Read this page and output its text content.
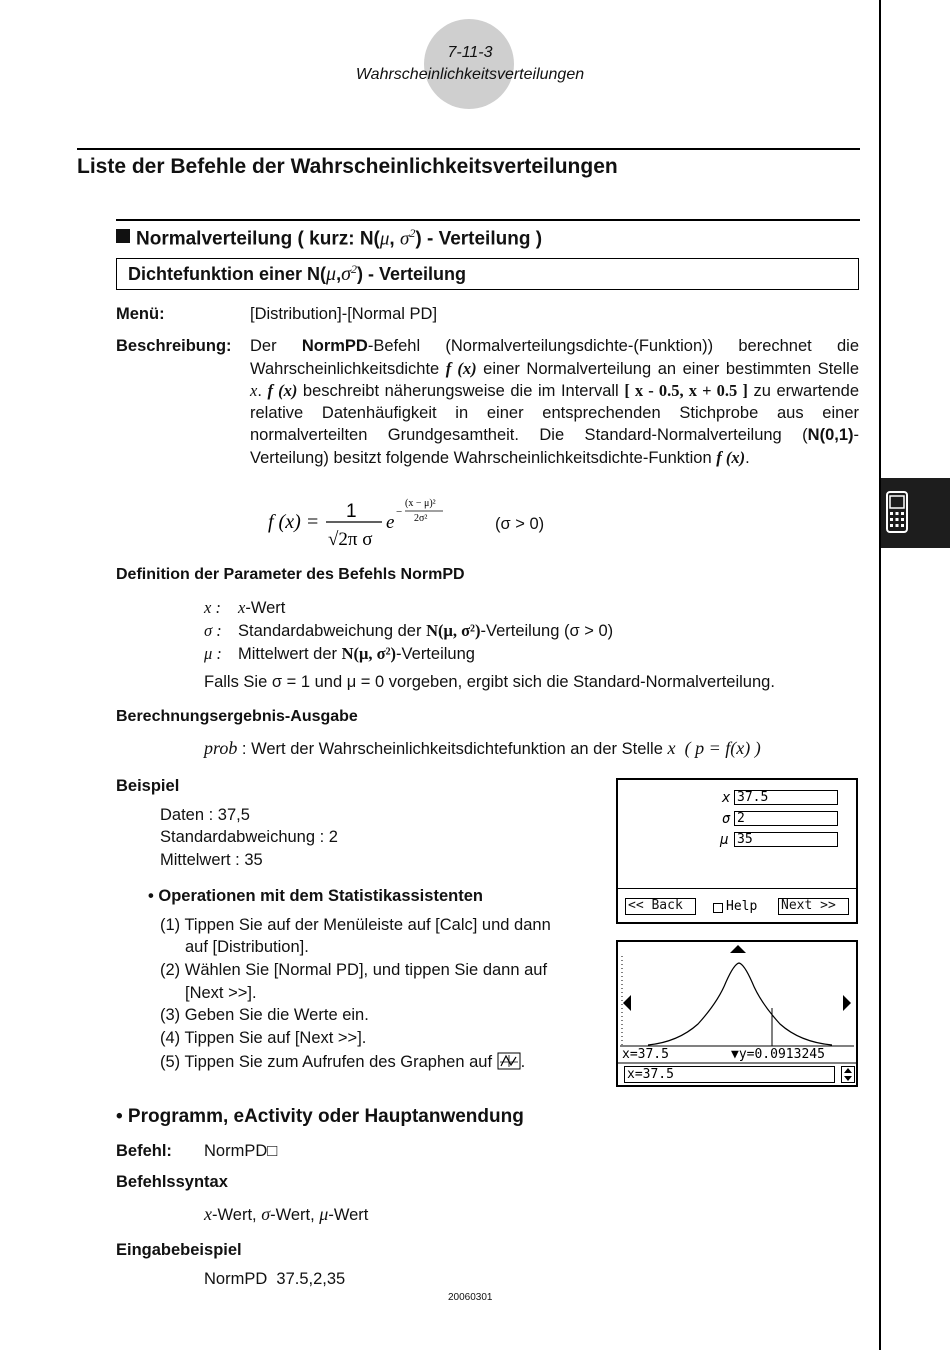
7-11-3
Wahrscheinlichkeitsverteilungen
Liste der Befehle der Wahrscheinlichkeitsverteilungen
Normalverteilung ( kurz: N(μ, $\sigma^2$) - Verteilung )
Dichtefunktion einer $N(\mu,\sigma^2)$ - Verteilung
Menü:	[Distribution]-[Normal PD]
Beschreibung: Der NormPD-Befehl (Normalverteilungsdichte-(Funktion)) berechnet die Wahrscheinlichkeitsdichte f (x) einer Normalverteilung an einer bestimmten Stelle x. f (x) beschreibt näherungsweise die im Intervall [ x - 0.5, x + 0.5 ] zu erwartende relative Datenhäufigkeit in einer entsprechenden Stichprobe aus einer normalverteilten Grundgesamtheit. Die Standard-Normalverteilung (N(0,1)-Verteilung) besitzt folgende Wahrscheinlichkeitsdichte-Funktion f (x).
f (x) = 1
√2π σ
e −
(x − μ)²
2σ²	(σ > 0)
Definition der Parameter des Befehls NormPD
x : x-Wert
σ : Standardabweichung der N(μ, σ²)-Verteilung (σ > 0)
μ : Mittelwert der N(μ, σ²)-Verteilung
Falls Sie σ = 1 und μ = 0 vorgeben, ergibt sich die Standard-Normalverteilung.
Berechnungsergebnis-Ausgabe
prob : Wert der Wahrscheinlichkeitsdichtefunktion an der Stelle x ( p = f(x) )
Beispiel
Daten : 37,5
Standardabweichung : 2
Mittelwert : 35
• Operationen mit dem Statistikassistenten
(1) Tippen Sie auf der Menüleiste auf [Calc] und dann
auf [Distribution].
(2) Wählen Sie [Normal PD], und tippen Sie dann auf
[Next >>].
(3) Geben Sie die Werte ein.
(4) Tippen Sie auf [Next >>].
(5) Tippen Sie zum Aufrufen des Graphen auf .
x 37.5
σ 2
μ 35
<< Back	Help Next >>
x=37.5	▼y=0.0913245
x=37.5
• Programm, eActivity oder Hauptanwendung
Befehl: NormPD□
Befehlssyntax
x-Wert, σ-Wert, μ-Wert
Eingabebeispiel
NormPD  37.5,2,35
20060301
